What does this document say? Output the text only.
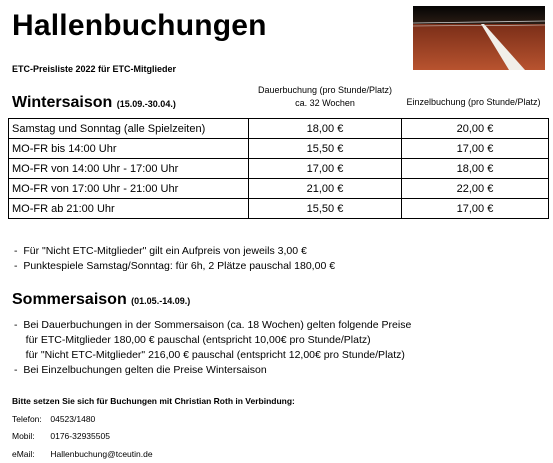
Hallenbuchungen
ETC-Preisliste 2022 für ETC-Mitglieder
Dauerbuchung (pro Stunde/Platz)
ca. 32 Wochen	Einzelbuchung (pro Stunde/Platz)
Wintersaison (15.09.-30.04.)
Samstag und Sonntag (alle Spielzeiten)	18,00 €	20,00 €
MO-FR bis 14:00 Uhr	15,50 €	17,00 €
MO-FR von 14:00 Uhr - 17:00 Uhr	17,00 €	18,00 €
MO-FR von 17:00 Uhr - 21:00 Uhr	21,00 €	22,00 €
MO-FR ab 21:00 Uhr	15,50 €	17,00 €
-  Für "Nicht ETC-Mitglieder" gilt ein Aufpreis von jeweils 3,00 €
-  Punktespiele Samstag/Sonntag: für 6h, 2 Plätze pauschal 180,00 €
Sommersaison (01.05.-14.09.)
-  Bei Dauerbuchungen in der Sommersaison (ca. 18 Wochen) gelten folgende Preise
für ETC-Mitglieder 180,00 € pauschal (entspricht 10,00€ pro Stunde/Platz)
für "Nicht ETC-Mitglieder" 216,00 € pauschal (entspricht 12,00€ pro Stunde/Platz)
-  Bei Einzelbuchungen gelten die Preise Wintersaison
Bitte setzen Sie sich für Buchungen mit Christian Roth in Verbindung:
Telefon: 04523/1480
Mobil: 0176-32935505
eMail: Hallenbuchung@tceutin.de
